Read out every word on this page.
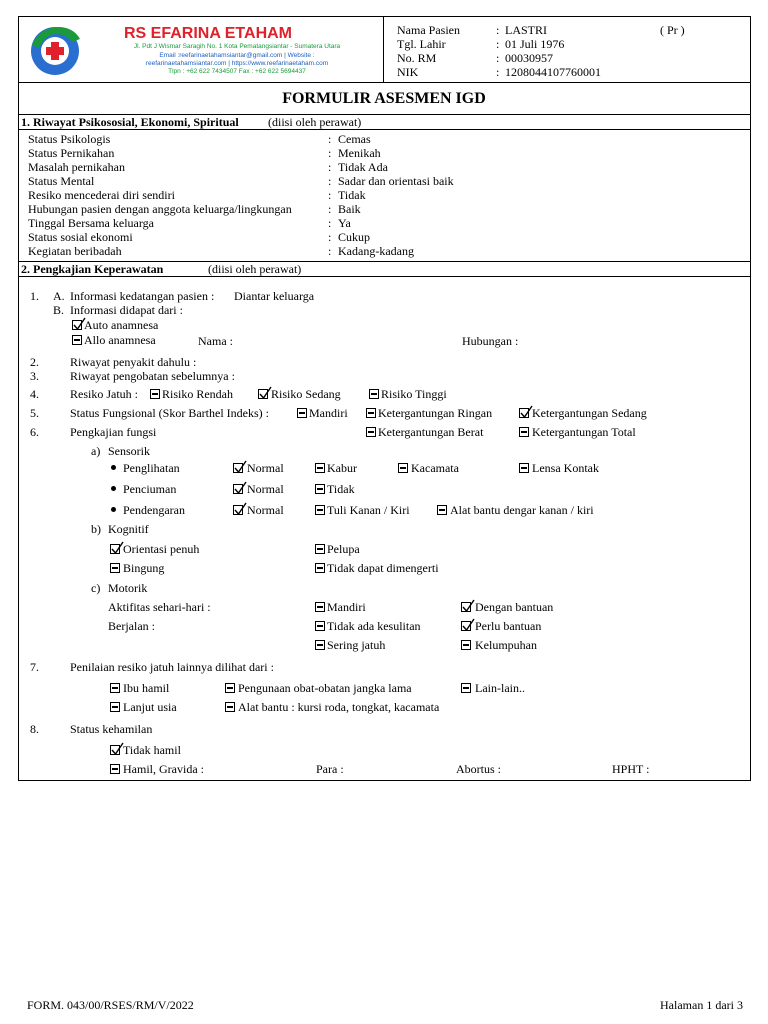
RS EFARINA ETAHAM
Jl. Pdt J Wismar Saragih No. 1 Kota Pematangsiantar - Sumatera Utara
Email :reefarinaetahamsiantar@gmail.com | Website :
reefarinaetahamsiantar.com | https://www.reefarinaetaham.com
Tlpn : +62 622 7434507 Fax : +62 622 5694437
Nama Pasien	: LASTRI	( Pr )
Tgl. Lahir	: 01 Juli 1976
No. RM	: 00030957
NIK	: 1208044107760001
FORMULIR ASESMEN IGD
1. Riwayat Psikososial, Ekonomi, Spiritual (diisi oleh perawat)
Status Psikologis	: Cemas
Status Pernikahan	: Menikah
Masalah pernikahan	: Tidak Ada
Status Mental	: Sadar dan orientasi baik
Resiko mencederai diri sendiri	: Tidak
Hubungan pasien dengan anggota keluarga/lingkungan	: Baik
Tinggal Bersama keluarga	: Ya
Status sosial ekonomi	: Cukup
Kegiatan beribadah	: Kadang-kadang
2. Pengkajian Keperawatan	(diisi oleh perawat)
1. A. Informasi kedatangan pasien : Diantar keluarga
B. Informasi didapat dari :
Auto anamnesa
Allo anamnesa	Nama :	Hubungan :
2.	Riwayat penyakit dahulu :
3.	Riwayat pengobatan sebelumnya :
4.	Resiko Jatuh : Risiko Rendah	Risiko Sedang	Risiko Tinggi
5.	Status Fungsional (Skor Barthel Indeks) :	Mandiri	Ketergantungan Ringan	Ketergantungan Sedang
6.	Pengkajian fungsi	Ketergantungan Berat	Ketergantungan Total
a) Sensorik
Penglihatan	Normal	Kabur	Kacamata	Lensa Kontak
Penciuman	Normal	Tidak
Pendengaran	Normal	Tuli Kanan / Kiri	Alat bantu dengar kanan / kiri
b) Kognitif
Orientasi penuh	Pelupa
Bingung	Tidak dapat dimengerti
c) Motorik
Aktifitas sehari-hari :	Mandiri	Dengan bantuan
Berjalan :	Tidak ada kesulitan	Perlu bantuan
Sering jatuh	Kelumpuhan
7.	Penilaian resiko jatuh lainnya dilihat dari :
Ibu hamil	Pengunaan obat-obatan jangka lama	Lain-lain..
Lanjut usia	Alat bantu : kursi roda, tongkat, kacamata
8.	Status kehamilan
Tidak hamil
Hamil, Gravida :	Para :	Abortus :	HPHT :
FORM. 043/00/RSES/RM/V/2022	Halaman 1 dari 3
